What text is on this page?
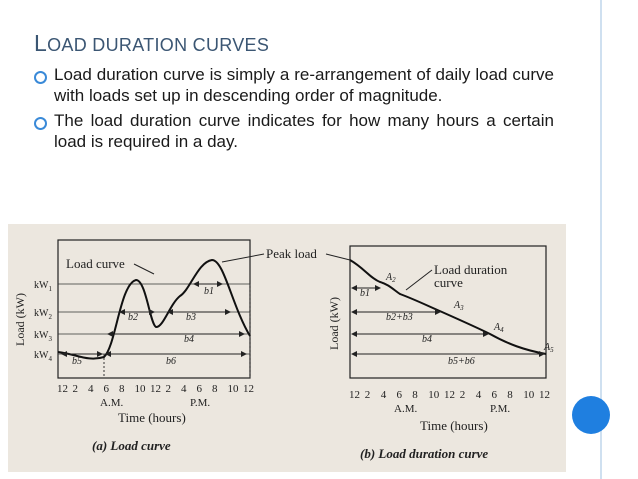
LOAD DURATION CURVES
Load duration curve is simply a re-arrangement of daily load curve with loads set up in descending order of magnitude.
The load duration curve indicates for how many hours a certain load is required in a day.
Load curve
b1
b2	b3
b4
b5	b6
$kW_1$
$kW_2$
$kW_3$
$kW_4$
Load (kW)
12 2 4 6 8 10 12 2 4 6 8 10 12
A.M.	P.M.
Time (hours)
(a) Load curve
Peak load
Load duration
curve
$A_2$
$A_3$
$A_4$
$A_5$
b1
b2+b3
b4
b5+b6
Load (kW)
12 2 4 6 8 10 12 2 4 6 8 10 12
A.M.	P.M.
Time (hours)
(b) Load duration curve
